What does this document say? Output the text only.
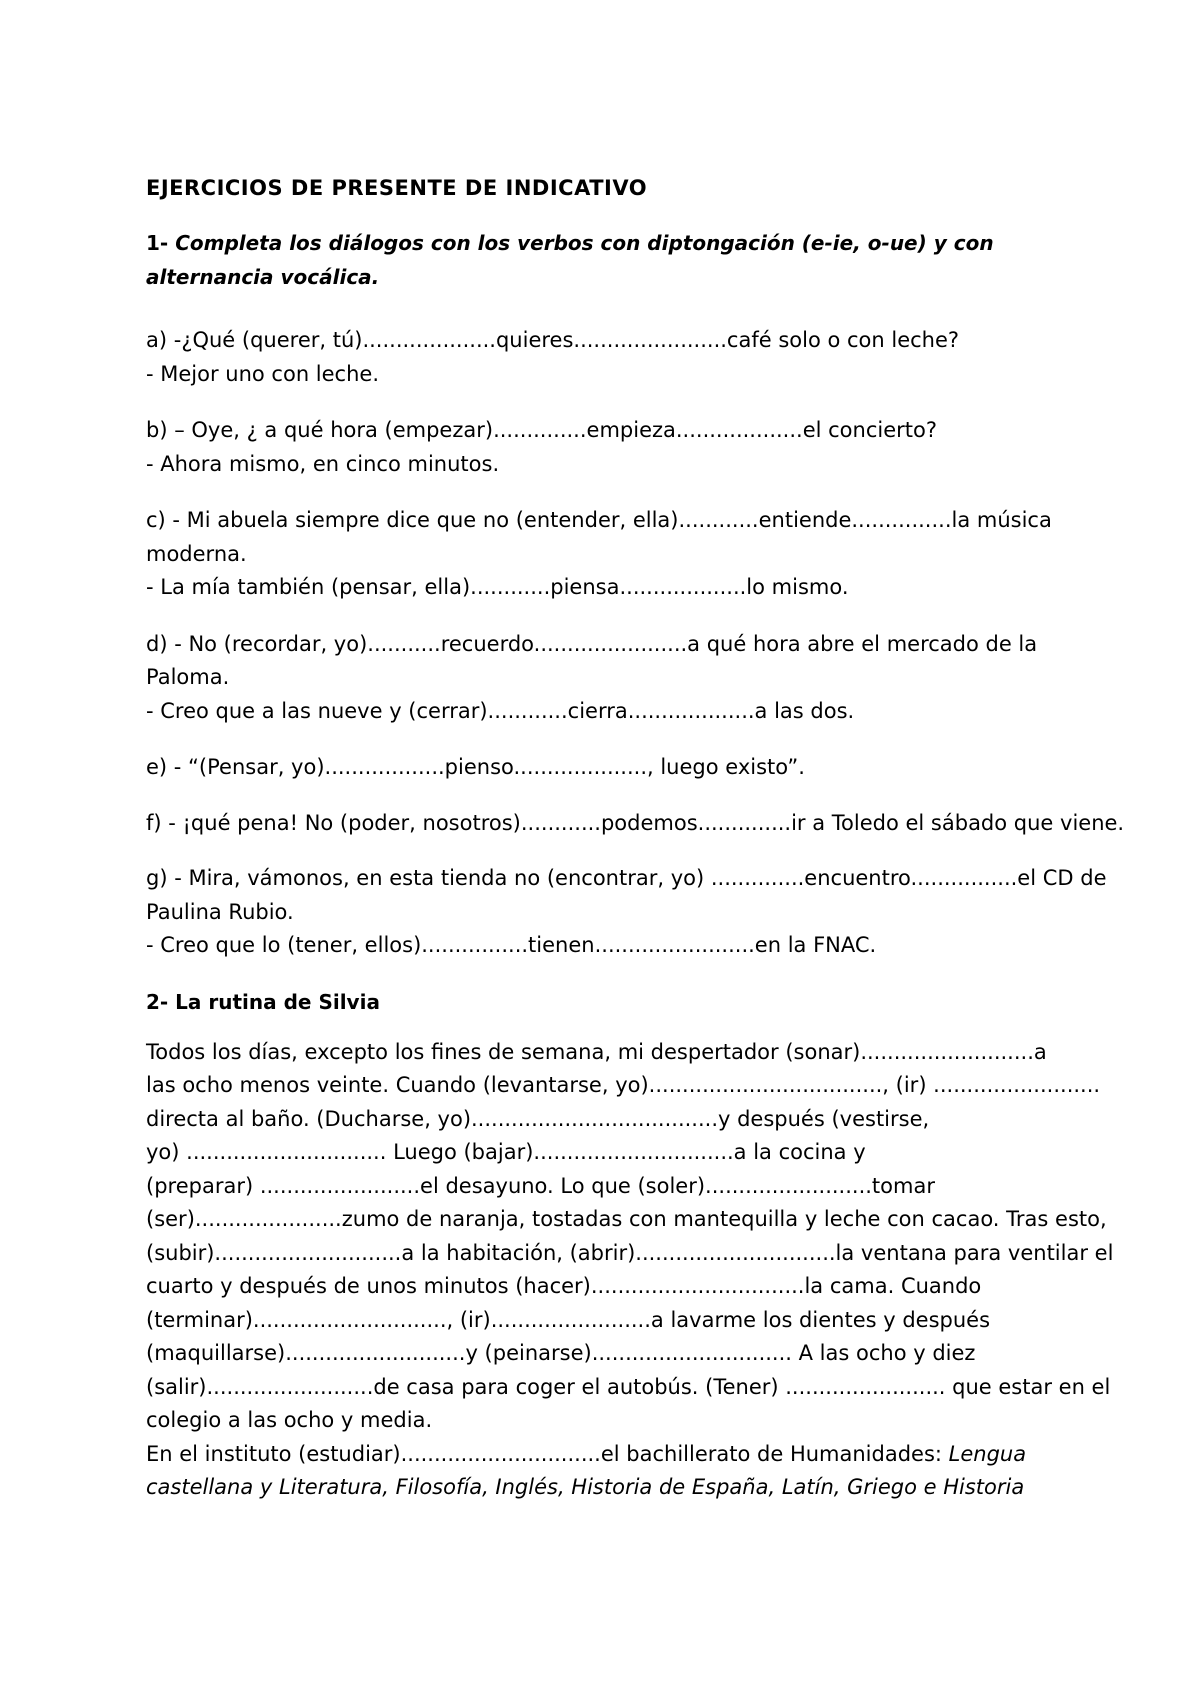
EJERCICIOS DE PRESENTE DE INDICATIVO
1- Completa los diálogos con los verbos con diptongación (e-ie, o-ue) y con
alternancia vocálica.

a) -¿Qué (querer, tú)....................quieres.......................café solo o con leche?

- Mejor uno con leche.

b) – Oye, ¿ a qué hora (empezar)..............empieza...................el concierto?

- Ahora mismo, en cinco minutos.

c) - Mi abuela siempre dice que no (entender, ella)............entiende...............la música

moderna.

- La mía también (pensar, ella)............piensa...................lo mismo.

d) - No (recordar, yo)...........recuerdo.......................a qué hora abre el mercado de la

Paloma.

- Creo que a las nueve y (cerrar)............cierra...................a las dos.

e) - “(Pensar, yo)..................pienso...................., luego existo”.

f) - ¡qué pena! No (poder, nosotros)............podemos..............ir a Toledo el sábado que viene.

g) - Mira, vámonos, en esta tienda no (encontrar, yo) ..............encuentro................el CD de

Paulina Rubio.

- Creo que lo (tener, ellos)................tienen........................en la FNAC.

2- La rutina de Silvia

Todos los días, excepto los fines de semana, mi despertador (sonar)..........................a

las ocho menos veinte. Cuando (levantarse, yo)..................................., (ir) .........................

directa al baño. (Ducharse, yo).....................................y después (vestirse,

yo) .............................. Luego (bajar)..............................a la cocina y

(preparar) ........................el desayuno. Lo que (soler).........................tomar

(ser)......................zumo de naranja, tostadas con mantequilla y leche con cacao. Tras esto,

(subir)............................a la habitación, (abrir)..............................la ventana para ventilar el

cuarto y después de unos minutos (hacer)................................la cama. Cuando

(terminar)............................., (ir)........................a lavarme los dientes y después

(maquillarse)...........................y (peinarse).............................. A las ocho y diez

(salir).........................de casa para coger el autobús. (Tener) ........................ que estar en el

colegio a las ocho y media.

En el instituto (estudiar)..............................el bachillerato de Humanidades: Lengua

castellana y Literatura, Filosofía, Inglés, Historia de España, Latín, Griego e Historia
